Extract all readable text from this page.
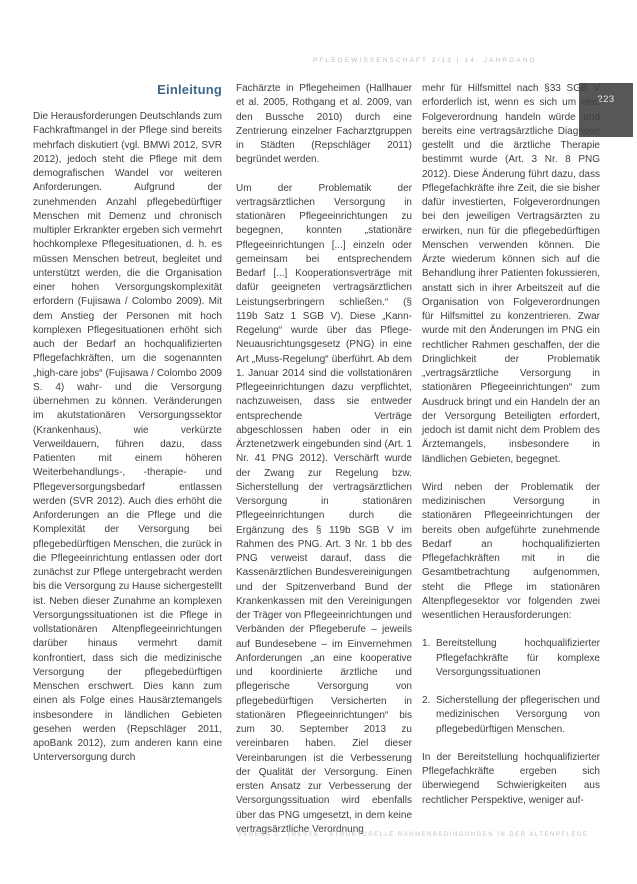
PFLEGEWISSENSCHAFT 2/13 | 14. JAHRGANG
223
Einleitung

Die Herausforderungen Deutschlands zum Fachkraftmangel in der Pflege sind bereits mehrfach diskutiert (vgl. BMWi 2012, SVR 2012), jedoch steht die Pflege mit dem demografischen Wandel vor weiteren Anforderungen. Aufgrund der zunehmenden Anzahl pflegebedürftiger Menschen mit Demenz und chronisch multipler Erkrankter ergeben sich vermehrt hochkomplexe Pflegesituationen, d. h. es müssen Menschen betreut, begleitet und unterstützt werden, die die Organisation einer hohen Versorgungskomplexität erfordern (Fujisawa / Colombo 2009). Mit dem Anstieg der Personen mit hoch komplexen Pflegesituationen erhöht sich auch der Bedarf an hochqualifizierten Pflegefachkräften, um die sogenannten „high-care jobs“ (Fujisawa / Colombo 2009 S. 4) wahr- und die Versorgung übernehmen zu können. Veränderungen im akutstationären Versorgungssektor (Krankenhaus), wie verkürzte Verweildauern, führen dazu, dass Patienten mit einem höheren Weiterbehandlungs-, -therapie- und Pflegeversorgungsbedarf entlassen werden (SVR 2012). Auch dies erhöht die Anforderungen an die Pflege und die Komplexität der Versorgung bei pflegebedürftigen Menschen, die zurück in die Pflegeeinrichtung entlassen oder dort zunächst zur Pflege untergebracht werden bis die Versorgung zu Hause sichergestellt ist. Neben dieser Zunahme an komplexen Versorgungssituationen ist die Pflege in vollstationären Altenpflegeeinrichtungen darüber hinaus vermehrt damit konfrontiert, dass sich die medizinische Versorgung der pflegebedürftigen Menschen erschwert. Dies kann zum einen als Folge eines Hausärztemangels insbesondere in ländlichen Gebieten gesehen werden (Repschläger 2011, apoBank 2012), zum anderen kann eine Unterversorgung durch

Fachärzte in Pflegeheimen (Hallhauer et al. 2005, Rothgang et al. 2009, van den Bussche 2010) durch eine Zentrierung einzelner Facharztgruppen in Städten (Repschläger 2011) begründet werden.

Um der Problematik der vertragsärztlichen Versorgung in stationären Pflegeeinrichtungen zu begegnen, konnten „stationäre Pflegeeinrichtungen [...] einzeln oder gemeinsam bei entsprechendem Bedarf [...] Kooperationsverträge mit dafür geeigneten vertragsärztlichen Leistungserbringern schließen.“ (§ 119b Satz 1 SGB V). Diese „Kann-Regelung“ wurde über das Pflege-Neuausrichtungsgesetz (PNG) in eine Art „Muss-Regelung“ überführt. Ab dem 1. Januar 2014 sind die vollstationären Pflegeeinrichtungen dazu verpflichtet, nachzuweisen, dass sie entweder entsprechende Verträge abgeschlossen haben oder in ein Ärztenetzwerk eingebunden sind (Art. 1 Nr. 41 PNG 2012). Verschärft wurde der Zwang zur Regelung bzw. Sicherstellung der vertragsärztlichen Versorgung in stationären Pflegeeinrichtungen durch die Ergänzung des § 119b SGB V im Rahmen des PNG. Art. 3 Nr. 1 bb des PNG verweist darauf, dass die Kassenärztlichen Bundesvereinigungen und der Spitzenverband Bund der Krankenkassen mit den Vereinigungen der Träger von Pflegeeinrichtungen und Verbänden der Pflegeberufe – jeweils auf Bundesebene – im Einvernehmen Anforderungen „an eine kooperative und koordinierte ärztliche und pflegerische Versorgung von pflegebedürftigen Versicherten in stationären Pflegeeinrichtungen“ bis zum 30. September 2013 zu vereinbaren haben. Ziel dieser Vereinbarungen ist die Verbesserung der Qualität der Versorgung. Einen ersten Ansatz zur Verbesserung der Versorgungssituation wird ebenfalls über das PNG umgesetzt, in dem keine vertragsärztliche Verordnung

mehr für Hilfsmittel nach §33 SGB V erforderlich ist, wenn es sich um eine Folgeverordnung handeln würde und bereits eine vertragsärztliche Diagnose gestellt und die ärztliche Therapie bestimmt wurde (Art. 3 Nr. 8 PNG 2012). Diese Änderung führt dazu, dass Pflegefachkräfte ihre Zeit, die sie bisher dafür investierten, Folgeverordnungen bei den jeweiligen Vertragsärzten zu erwirken, nun für die pflegebedürftigen Menschen verwenden können. Die Ärzte wiederum können sich auf die Behandlung ihrer Patienten fokussieren, anstatt sich in ihrer Arbeitszeit auf die Organisation von Folgeverordnungen für Hilfsmittel zu konzentrieren. Zwar wurde mit den Änderungen im PNG ein rechtlicher Rahmen geschaffen, der die Dringlichkeit der Problematik „vertragsärztliche Versorgung in stationären Pflegeeinrichtungen“ zum Ausdruck bringt und ein Handeln der an der Versorgung Beteiligten erfordert, jedoch ist damit nicht dem Problem des Ärztemangels, insbesondere in ländlichen Gebieten, begegnet.

Wird neben der Problematik der medizinischen Versorgung in stationären Pflegeeinrichtungen der bereits oben aufgeführte zunehmende Bedarf an hochqualifizierten Pflegefachkräften mit in die Gesamtbetrachtung aufgenommen, steht die Pflege im stationären Altenpflegesektor vor folgenden zwei wesentlichen Herausforderungen:

1. Bereitstellung hochqualifizierter Pflegefachkräfte für komplexe Versorgungssituationen

2. Sicherstellung der pflegerischen und medizinischen Versorgung von pflegebedürftigen Menschen.

In der Bereitstellung hochqualifizierter Pflegefachkräfte ergeben sich überwiegend Schwierigkeiten aus rechtlicher Perspektive, weniger auf-

VERENA C. TRESSE · STRUKTURELLE RAHMENBEDINGUNGEN IN DER ALTENPFLEGE
